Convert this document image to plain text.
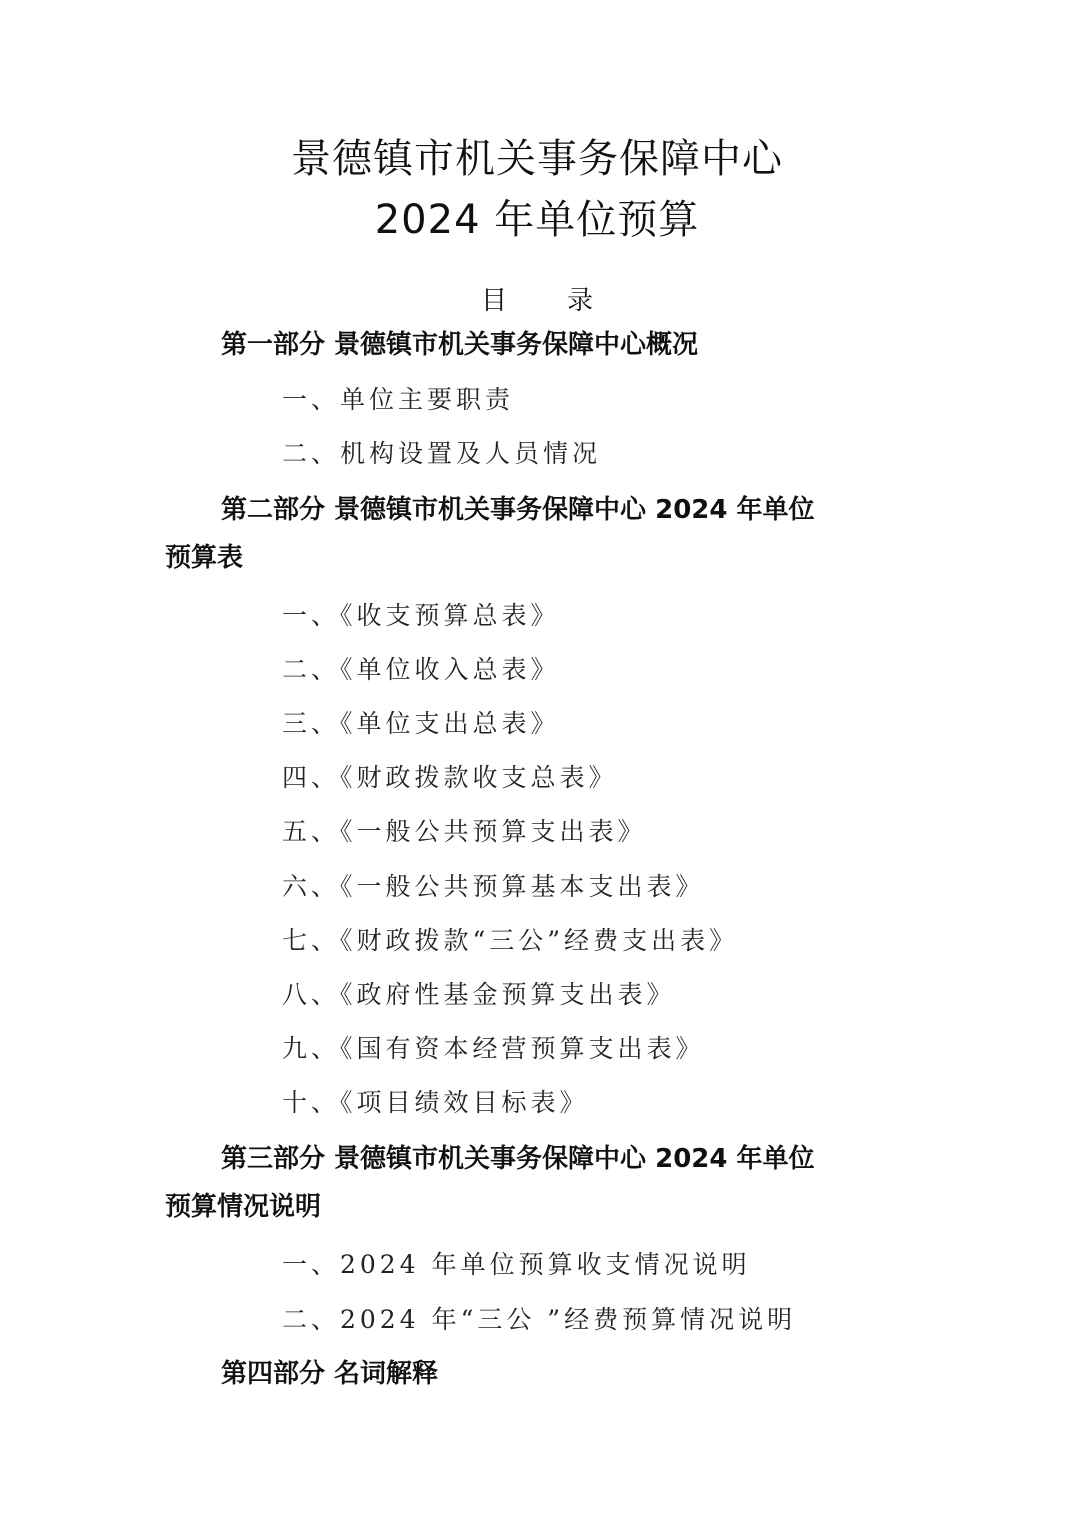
景德镇市机关事务保障中心
2024 年单位预算
目 录
第一部分 景德镇市机关事务保障中心概况
一、单位主要职责
二、机构设置及人员情况
第二部分 景德镇市机关事务保障中心 2024 年单位
预算表
一、《收支预算总表》
二、《单位收入总表》
三、《单位支出总表》
四、《财政拨款收支总表》
五、《一般公共预算支出表》
六、《一般公共预算基本支出表》
七、《财政拨款“三公”经费支出表》
八、《政府性基金预算支出表》
九、《国有资本经营预算支出表》
十、《项目绩效目标表》
第三部分 景德镇市机关事务保障中心 2024 年单位
预算情况说明
一、2024 年单位预算收支情况说明
二、2024 年“三公 ”经费预算情况说明
第四部分 名词解释
